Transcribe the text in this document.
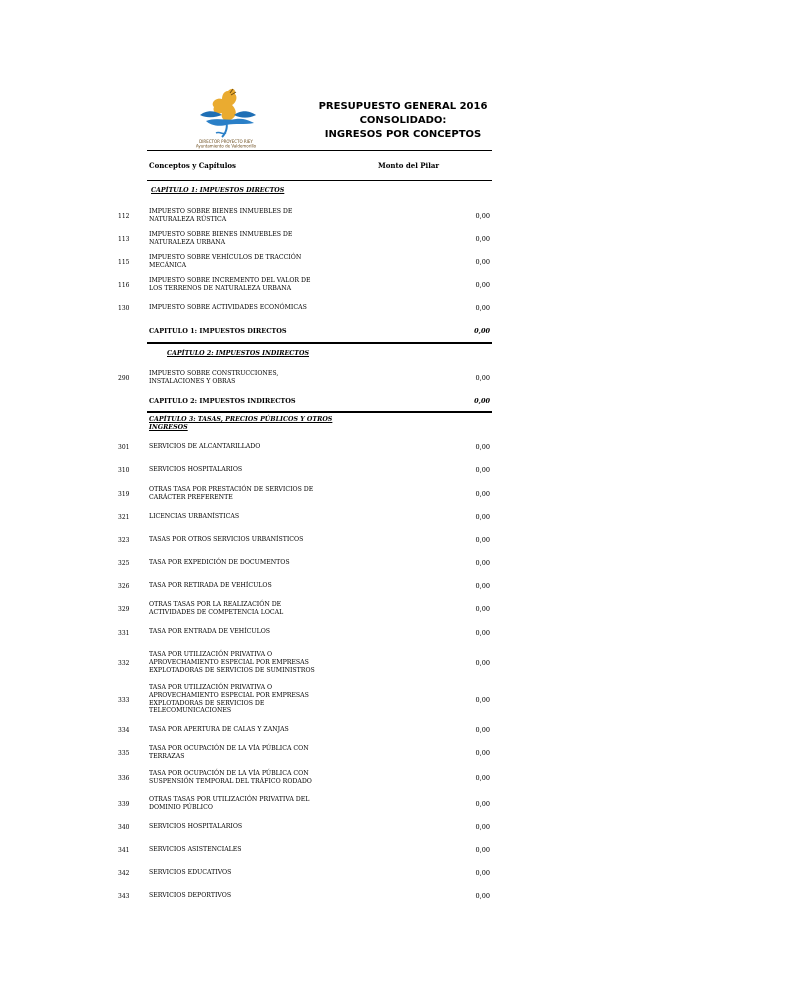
DIRECTOR PROYECTO RIEY
Ayuntamiento de Valdemorillo
PRESUPUESTO GENERAL 2016
CONSOLIDADO:
INGRESOS POR CONCEPTOS
Conceptos y Capítulos	Monto del Pilar
CAPÍTULO 1: IMPUESTOS DIRECTOS
112
IMPUESTO SOBRE BIENES INMUEBLES DE
NATURALEZA RÚSTICA	0,00
113
IMPUESTO SOBRE BIENES INMUEBLES DE
NATURALEZA URBANA	0,00
115
IMPUESTO SOBRE VEHÍCULOS DE TRACCIÓN
MECÁNICA	0,00
116
IMPUESTO SOBRE INCREMENTO DEL VALOR DE
LOS TERRENOS DE NATURALEZA URBANA	0,00
130	IMPUESTO SOBRE ACTIVIDADES ECONÓMICAS	0,00
CAPITULO 1: IMPUESTOS DIRECTOS	0,00
CAPÍTULO 2: IMPUESTOS INDIRECTOS
290
IMPUESTO SOBRE CONSTRUCCIONES,
INSTALACIONES Y OBRAS	0,00
CAPITULO 2: IMPUESTOS INDIRECTOS	0,00
CAPÍTULO 3: TASAS, PRECIOS PÚBLICOS Y OTROS
INGRESOS
301	SERVICIOS DE ALCANTARILLADO	0,00
310	SERVICIOS HOSPITALARIOS	0,00
319
OTRAS TASA POR PRESTACIÓN DE SERVICIOS DE
CARÁCTER PREFERENTE	0,00
321	LICENCIAS URBANÍSTICAS	0,00
323	TASAS POR OTROS SERVICIOS URBANÍSTICOS	0,00
325	TASA POR EXPEDICIÓN DE DOCUMENTOS	0,00
326	TASA POR RETIRADA DE VEHÍCULOS	0,00
329
OTRAS TASAS POR LA REALIZACIÓN DE
ACTIVIDADES DE COMPETENCIA LOCAL	0,00
331	TASA POR ENTRADA DE VEHÍCULOS	0,00
332
TASA POR UTILIZACIÓN PRIVATIVA O
APROVECHAMIENTO ESPECIAL POR EMPRESAS
EXPLOTADORAS DE SERVICIOS DE SUMINISTROS
0,00
333
TASA POR UTILIZACIÓN PRIVATIVA O
APROVECHAMIENTO ESPECIAL POR EMPRESAS
EXPLOTADORAS DE SERVICIOS DE
TELECOMUNICACIONES
0,00
334	TASA POR APERTURA DE CALAS Y ZANJAS	0,00
335
TASA POR OCUPACIÓN DE LA VÍA PÚBLICA CON
TERRAZAS	0,00
336
TASA POR OCUPACIÓN DE LA VÍA PÚBLICA CON
SUSPENSIÓN TEMPORAL DEL TRÁFICO RODADO	0,00
339
OTRAS TASAS POR UTILIZACIÓN PRIVATIVA DEL
DOMINIO PÚBLICO	0,00
340	SERVICIOS HOSPITALARIOS	0,00
341	SERVICIOS ASISTENCIALES	0,00
342	SERVICIOS EDUCATIVOS	0,00
343	SERVICIOS DEPORTIVOS	0,00
